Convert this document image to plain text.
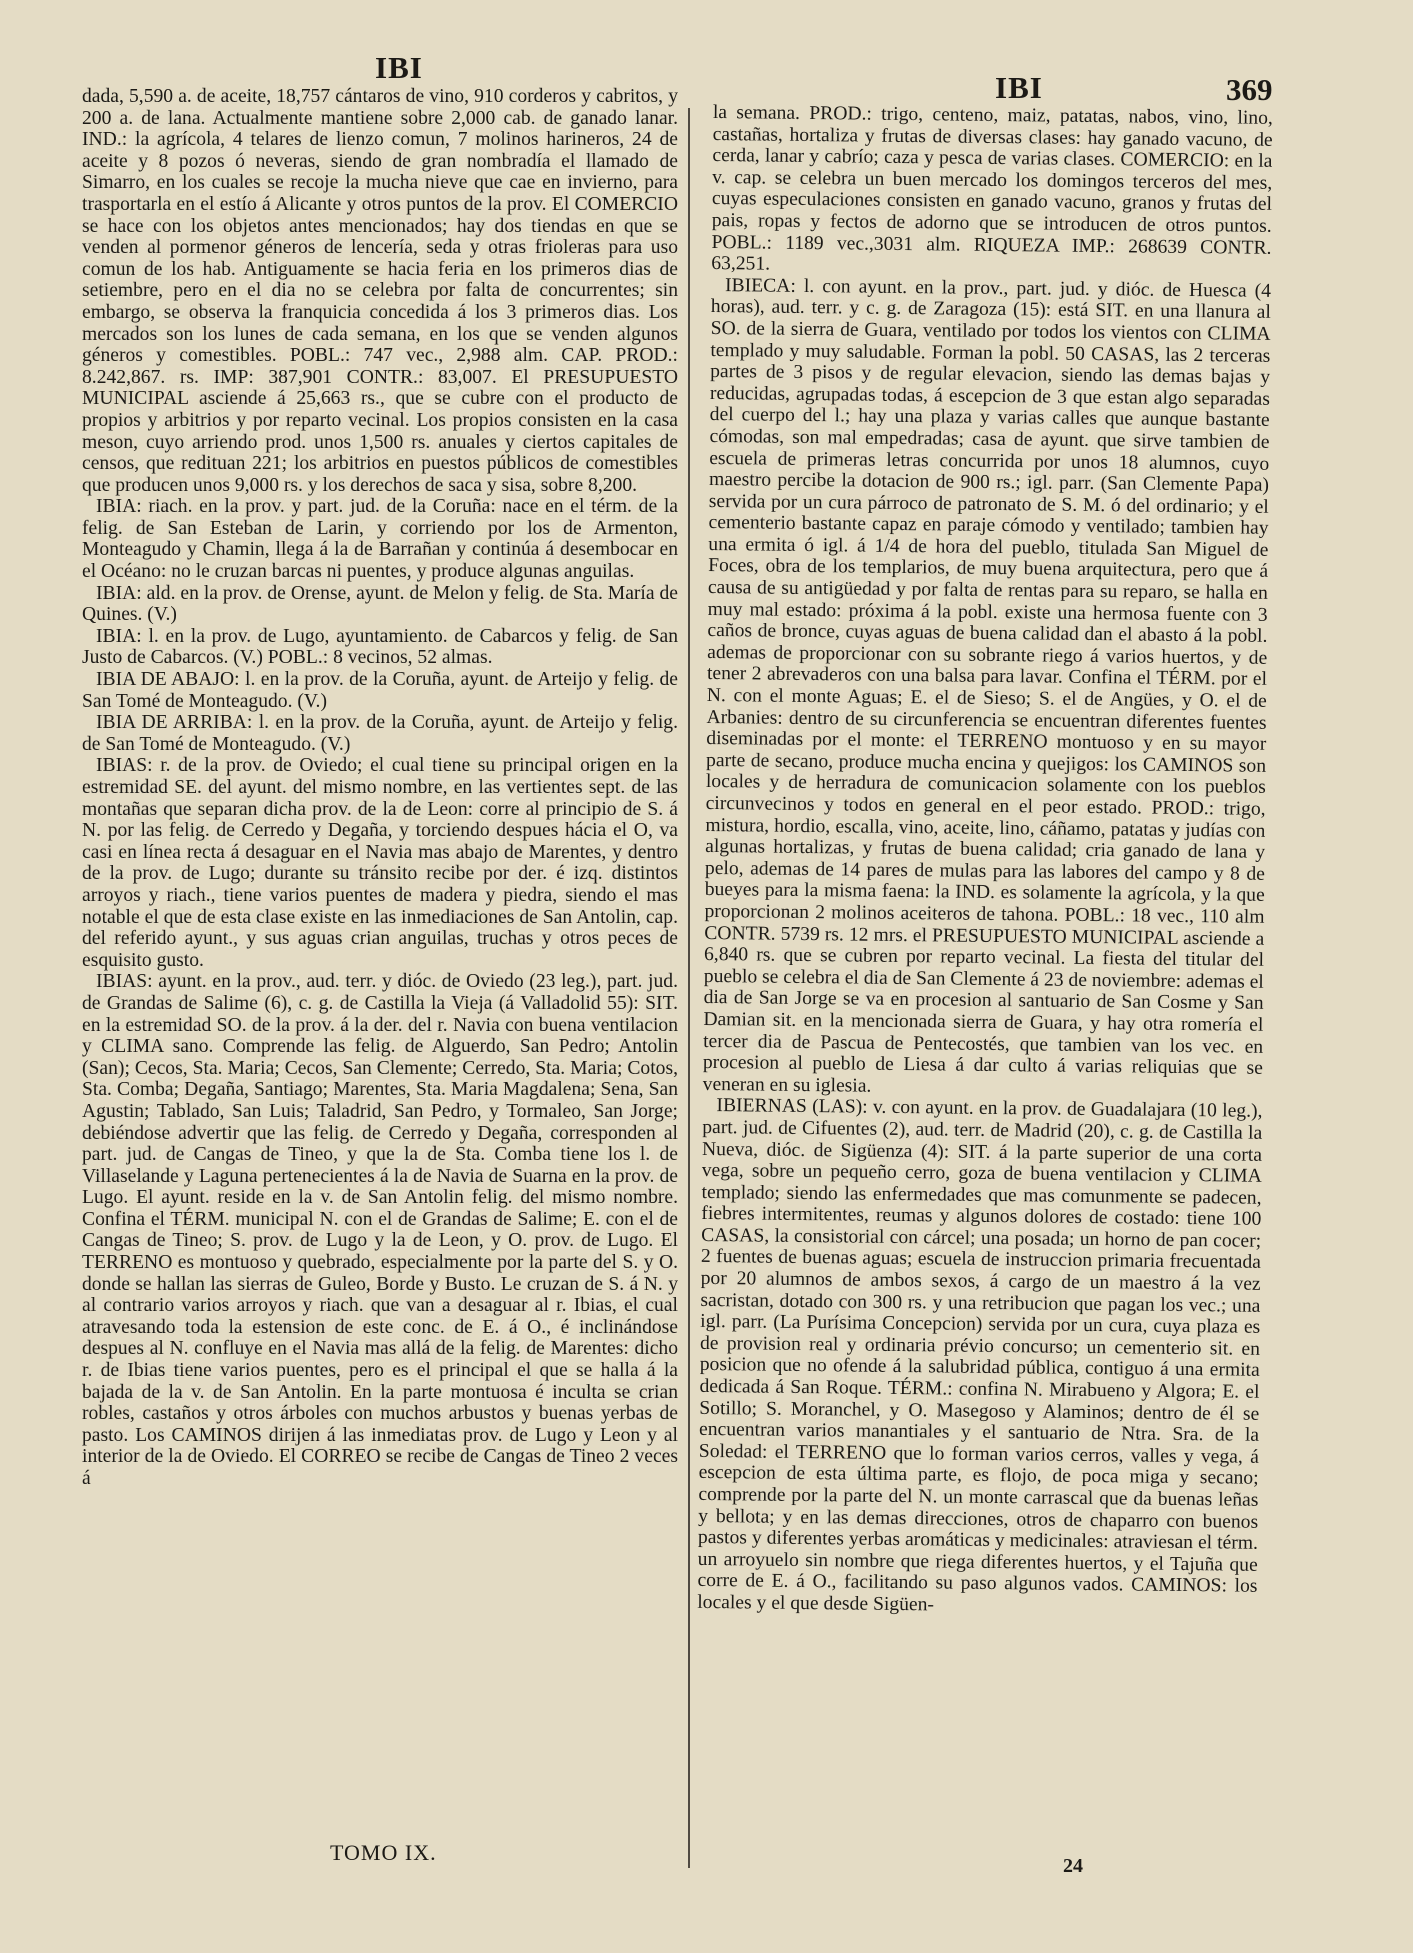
IBI
IBI	369

dada, 5,590 a. de aceite, 18,757 cántaros de vino, 910 corderos y cabritos, y 200 a. de lana. Actualmente mantiene sobre 2,000 cab. de ganado lanar. IND.: la agrícola, 4 telares de lienzo comun, 7 molinos harineros, 24 de aceite y 8 pozos ó neveras, siendo de gran nombradía el llamado de Simarro, en los cuales se recoje la mucha nieve que cae en invierno, para trasportarla en el estío á Alicante y otros puntos de la prov. El COMERCIO se hace con los objetos antes mencionados; hay dos tiendas en que se venden al pormenor géneros de lencería, seda y otras frioleras para uso comun de los hab. Antiguamente se hacia feria en los primeros dias de setiembre, pero en el dia no se celebra por falta de concurrentes; sin embargo, se observa la franquicia concedida á los 3 primeros dias. Los mercados son los lunes de cada semana, en los que se venden algunos géneros y comestibles. POBL.: 747 vec., 2,988 alm. CAP. PROD.: 8.242,867. rs. IMP: 387,901 CONTR.: 83,007. El PRESUPUESTO MUNICIPAL asciende á 25,663 rs., que se cubre con el producto de propios y arbitrios y por reparto vecinal. Los propios consisten en la casa meson, cuyo arriendo prod. unos 1,500 rs. anuales y ciertos capitales de censos, que redituan 221; los arbitrios en puestos públicos de comestibles que producen unos 9,000 rs. y los derechos de saca y sisa, sobre 8,200.

IBIA: riach. en la prov. y part. jud. de la Coruña: nace en el térm. de la felig. de San Esteban de Larin, y corriendo por los de Armenton, Monteagudo y Chamin, llega á la de Barrañan y continúa á desembocar en el Océano: no le cruzan barcas ni puentes, y produce algunas anguilas.

IBIA: ald. en la prov. de Orense, ayunt. de Melon y felig. de Sta. María de Quines. (V.)

IBIA: l. en la prov. de Lugo, ayuntamiento. de Cabarcos y felig. de San Justo de Cabarcos. (V.) POBL.: 8 vecinos, 52 almas.

IBIA DE ABAJO: l. en la prov. de la Coruña, ayunt. de Arteijo y felig. de San Tomé de Monteagudo. (V.)

IBIA DE ARRIBA: l. en la prov. de la Coruña, ayunt. de Arteijo y felig. de San Tomé de Monteagudo. (V.)

IBIAS: r. de la prov. de Oviedo; el cual tiene su principal origen en la estremidad SE. del ayunt. del mismo nombre, en las vertientes sept. de las montañas que separan dicha prov. de la de Leon: corre al principio de S. á N. por las felig. de Cerredo y Degaña, y torciendo despues hácia el O, va casi en línea recta á desaguar en el Navia mas abajo de Marentes, y dentro de la prov. de Lugo; durante su tránsito recibe por der. é izq. distintos arroyos y riach., tiene varios puentes de madera y piedra, siendo el mas notable el que de esta clase existe en las inmediaciones de San Antolin, cap. del referido ayunt., y sus aguas crian anguilas, truchas y otros peces de esquisito gusto.

IBIAS: ayunt. en la prov., aud. terr. y dióc. de Oviedo (23 leg.), part. jud. de Grandas de Salime (6), c. g. de Castilla la Vieja (á Valladolid 55): SIT. en la estremidad SO. de la prov. á la der. del r. Navia con buena ventilacion y CLIMA sano. Comprende las felig. de Alguerdo, San Pedro; Antolin (San); Cecos, Sta. Maria; Cecos, San Clemente; Cerredo, Sta. Maria; Cotos, Sta. Comba; Degaña, Santiago; Marentes, Sta. Maria Magdalena; Sena, San Agustin; Tablado, San Luis; Taladrid, San Pedro, y Tormaleo, San Jorge; debiéndose advertir que las felig. de Cerredo y Degaña, corresponden al part. jud. de Cangas de Tineo, y que la de Sta. Comba tiene los l. de Villaselande y Laguna pertenecientes á la de Navia de Suarna en la prov. de Lugo. El ayunt. reside en la v. de San Antolin felig. del mismo nombre. Confina el TÉRM. municipal N. con el de Grandas de Salime; E. con el de Cangas de Tineo; S. prov. de Lugo y la de Leon, y O. prov. de Lugo. El TERRENO es montuoso y quebrado, especialmente por la parte del S. y O. donde se hallan las sierras de Guleo, Borde y Busto. Le cruzan de S. á N. y al contrario varios arroyos y riach. que van a desaguar al r. Ibias, el cual atravesando toda la estension de este conc. de E. á O., é inclinándose despues al N. confluye en el Navia mas allá de la felig. de Marentes: dicho r. de Ibias tiene varios puentes, pero es el principal el que se halla á la bajada de la v. de San Antolin. En la parte montuosa é inculta se crian robles, castaños y otros árboles con muchos arbustos y buenas yerbas de pasto. Los CAMINOS dirijen á las inmediatas prov. de Lugo y Leon y al interior de la de Oviedo. El CORREO se recibe de Cangas de Tineo 2 veces á

la semana. PROD.: trigo, centeno, maiz, patatas, nabos, vino, lino, castañas, hortaliza y frutas de diversas clases: hay ganado vacuno, de cerda, lanar y cabrío; caza y pesca de varias clases. COMERCIO: en la v. cap. se celebra un buen mercado los domingos terceros del mes, cuyas especulaciones consisten en ganado vacuno, granos y frutas del pais, ropas y fectos de adorno que se introducen de otros puntos. POBL.: 1189 vec.,3031 alm. RIQUEZA IMP.: 268639 CONTR. 63,251.

IBIECA: l. con ayunt. en la prov., part. jud. y dióc. de Huesca (4 horas), aud. terr. y c. g. de Zaragoza (15): está SIT. en una llanura al SO. de la sierra de Guara, ventilado por todos los vientos con CLIMA templado y muy saludable. Forman la pobl. 50 CASAS, las 2 terceras partes de 3 pisos y de regular elevacion, siendo las demas bajas y reducidas, agrupadas todas, á escepcion de 3 que estan algo separadas del cuerpo del l.; hay una plaza y varias calles que aunque bastante cómodas, son mal empedradas; casa de ayunt. que sirve tambien de escuela de primeras letras concurrida por unos 18 alumnos, cuyo maestro percibe la dotacion de 900 rs.; igl. parr. (San Clemente Papa) servida por un cura párroco de patronato de S. M. ó del ordinario; y el cementerio bastante capaz en paraje cómodo y ventilado; tambien hay una ermita ó igl. á 1/4 de hora del pueblo, titulada San Miguel de Foces, obra de los templarios, de muy buena arquitectura, pero que á causa de su antigüedad y por falta de rentas para su reparo, se halla en muy mal estado: próxima á la pobl. existe una hermosa fuente con 3 caños de bronce, cuyas aguas de buena calidad dan el abasto á la pobl. ademas de proporcionar con su sobrante riego á varios huertos, y de tener 2 abrevaderos con una balsa para lavar. Confina el TÉRM. por el N. con el monte Aguas; E. el de Sieso; S. el de Angües, y O. el de Arbanies: dentro de su circunferencia se encuentran diferentes fuentes diseminadas por el monte: el TERRENO montuoso y en su mayor parte de secano, produce mucha encina y quejigos: los CAMINOS son locales y de herradura de comunicacion solamente con los pueblos circunvecinos y todos en general en el peor estado. PROD.: trigo, mistura, hordio, escalla, vino, aceite, lino, cáñamo, patatas y judías con algunas hortalizas, y frutas de buena calidad; cria ganado de lana y pelo, ademas de 14 pares de mulas para las labores del campo y 8 de bueyes para la misma faena: la IND. es solamente la agrícola, y la que proporcionan 2 molinos aceiteros de tahona. POBL.: 18 vec., 110 alm CONTR. 5739 rs. 12 mrs. el PRESUPUESTO MUNICIPAL asciende a 6,840 rs. que se cubren por reparto vecinal. La fiesta del titular del pueblo se celebra el dia de San Clemente á 23 de noviembre: ademas el dia de San Jorge se va en procesion al santuario de San Cosme y San Damian sit. en la mencionada sierra de Guara, y hay otra romería el tercer dia de Pascua de Pentecostés, que tambien van los vec. en procesion al pueblo de Liesa á dar culto á varias reliquias que se veneran en su iglesia.

IBIERNAS (LAS): v. con ayunt. en la prov. de Guadalajara (10 leg.), part. jud. de Cifuentes (2), aud. terr. de Madrid (20), c. g. de Castilla la Nueva, dióc. de Sigüenza (4): SIT. á la parte superior de una corta vega, sobre un pequeño cerro, goza de buena ventilacion y CLIMA templado; siendo las enfermedades que mas comunmente se padecen, fiebres intermitentes, reumas y algunos dolores de costado: tiene 100 CASAS, la consistorial con cárcel; una posada; un horno de pan cocer; 2 fuentes de buenas aguas; escuela de instruccion primaria frecuentada por 20 alumnos de ambos sexos, á cargo de un maestro á la vez sacristan, dotado con 300 rs. y una retribucion que pagan los vec.; una igl. parr. (La Purísima Concepcion) servida por un cura, cuya plaza es de provision real y ordinaria prévio concurso; un cementerio sit. en posicion que no ofende á la salubridad pública, contiguo á una ermita dedicada á San Roque. TÉRM.: confina N. Mirabueno y Algora; E. el Sotillo; S. Moranchel, y O. Masegoso y Alaminos; dentro de él se encuentran varios manantiales y el santuario de Ntra. Sra. de la Soledad: el TERRENO que lo forman varios cerros, valles y vega, á escepcion de esta última parte, es flojo, de poca miga y secano; comprende por la parte del N. un monte carrascal que da buenas leñas y bellota; y en las demas direcciones, otros de chaparro con buenos pastos y diferentes yerbas aromáticas y medicinales: atraviesan el térm. un arroyuelo sin nombre que riega diferentes huertos, y el Tajuña que corre de E. á O., facilitando su paso algunos vados. CAMINOS: los locales y el que desde Sigüen-

TOMO IX.
24
